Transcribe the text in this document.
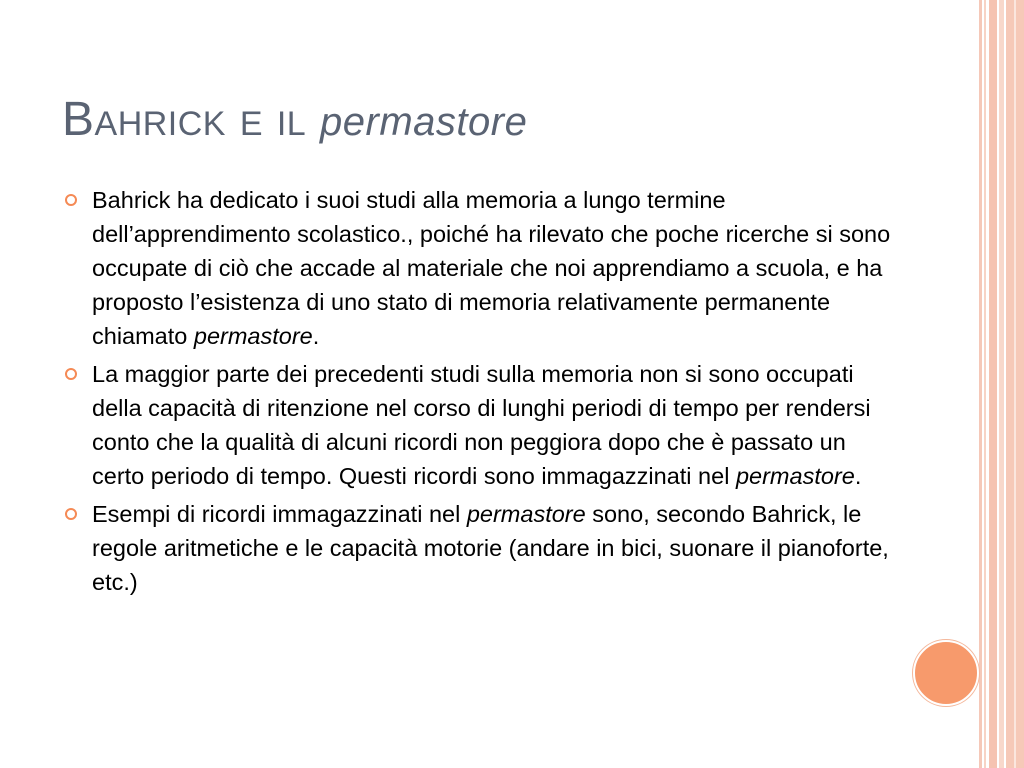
Bahrick e il permastore
Bahrick ha dedicato i suoi studi alla memoria a lungo termine dell’apprendimento scolastico., poiché ha rilevato che poche ricerche si sono occupate di ciò che accade al materiale che noi apprendiamo a scuola, e ha proposto l’esistenza di uno stato di memoria relativamente permanente chiamato permastore.
La maggior parte dei precedenti studi sulla memoria non si sono occupati della capacità di ritenzione nel corso di lunghi periodi di tempo per rendersi conto che la qualità di alcuni ricordi non peggiora dopo che è passato un certo periodo di tempo. Questi ricordi sono immagazzinati nel permastore.
Esempi di ricordi immagazzinati nel permastore sono, secondo Bahrick, le regole aritmetiche e le capacità motorie (andare in bici, suonare il pianoforte, etc.)
